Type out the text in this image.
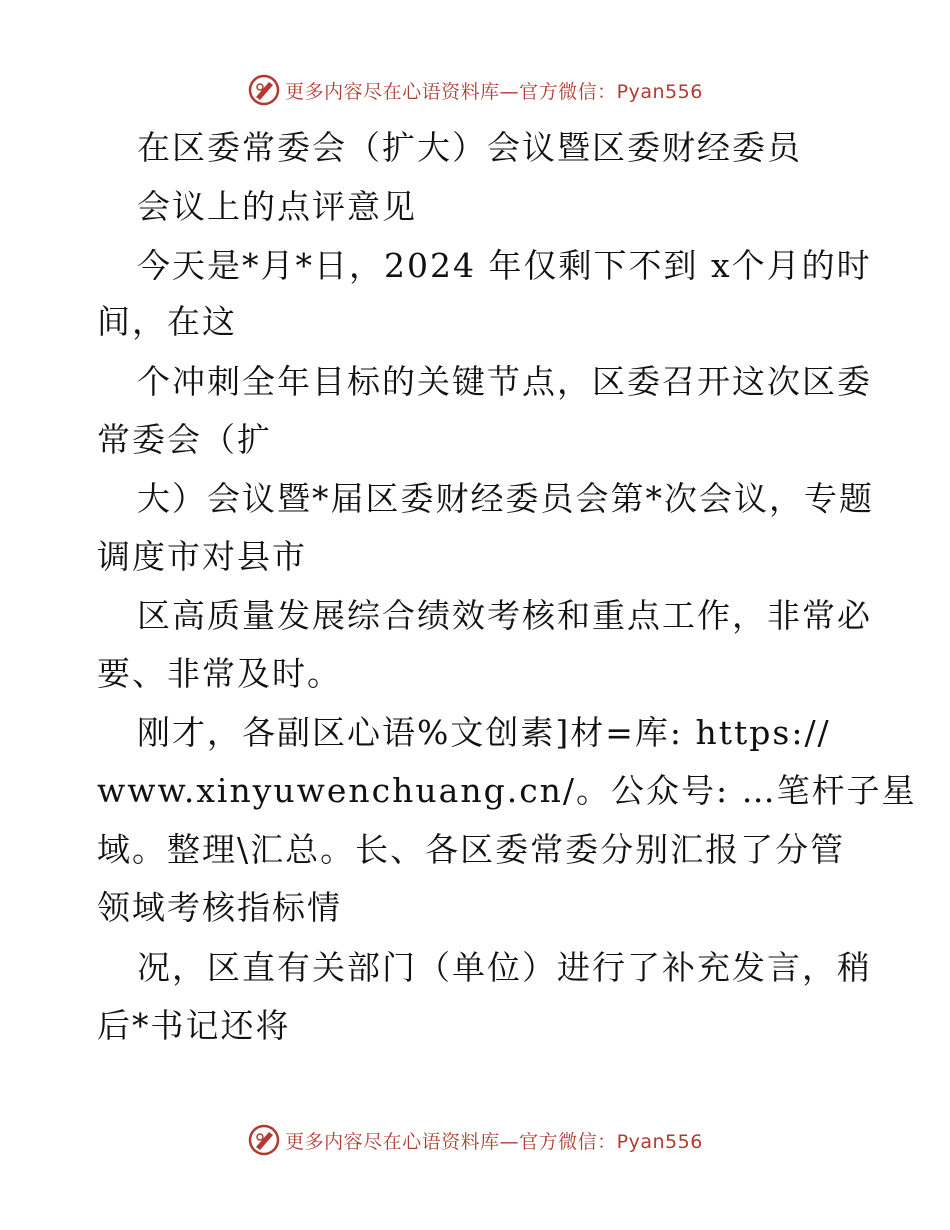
更多内容尽在心语资料库—官方微信：Pyan556
在区委常委会（扩大）会议暨区委财经委员
会议上的点评意见
今天是*月*日，2024 年仅剩下不到 x个月的时
间，在这
个冲刺全年目标的关键节点，区委召开这次区委
常委会（扩
大）会议暨*届区委财经委员会第*次会议，专题
调度市对县市
区高质量发展综合绩效考核和重点工作，非常必
要、非常及时。
刚才，各副区心语%文创素]材=库: https://
www.xinyuwenchuang.cn/。公众号: …笔杆子星
域。整理\汇总。长、各区委常委分别汇报了分管
领域考核指标情
况，区直有关部门（单位）进行了补充发言，稍
后*书记还将
更多内容尽在心语资料库—官方微信：Pyan556
